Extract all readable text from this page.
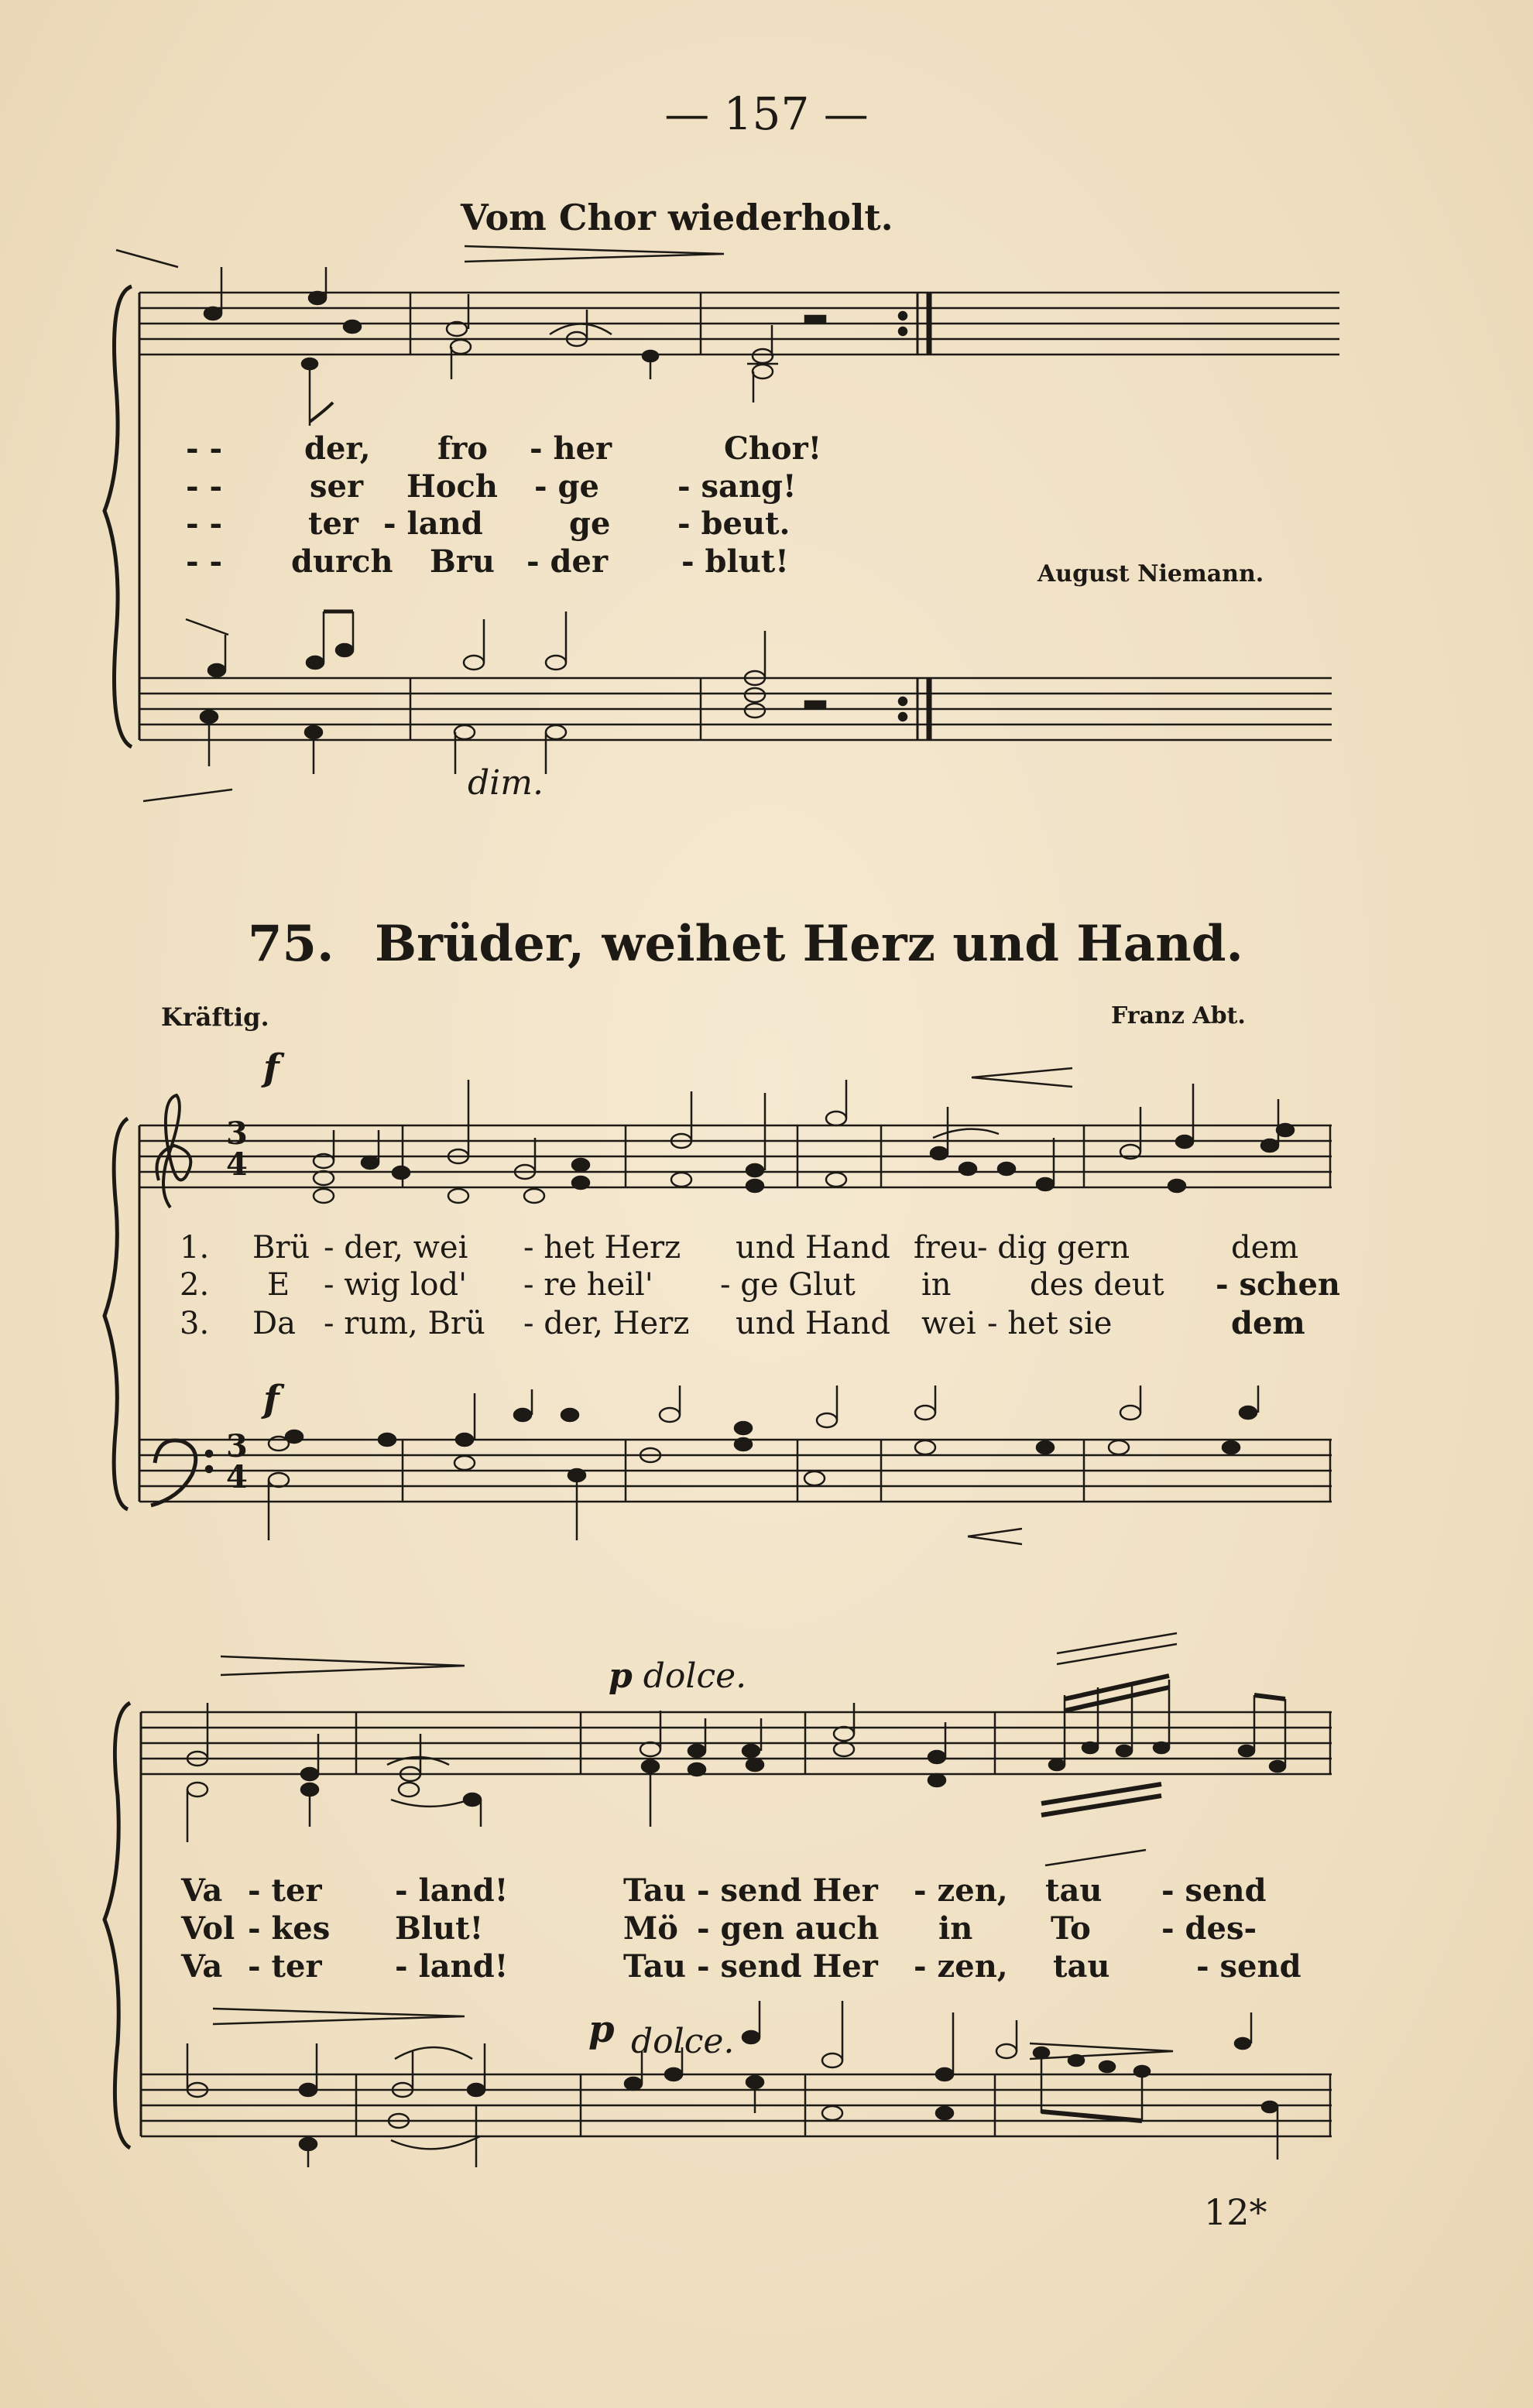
— 157 —
Vom Chor wiederholt.
- -	der, fro - her	Chor!
- -	ser Hoch - ge	- sang!
- -	ter - land	ge - beut.
- - durch Bru - der - blut!	August Niemann.
dim.
75. Brüder, weihet Herz und Hand.
Kräftig.	Franz Abt.
f
f
1. Brü - der, wei - het Herz und Hand freu
- dig gern	dem
2. E - wig lod' - re heil' - ge Glut in	des deut - schen
3. Da - rum, Brü - der, Herz und Hand wei - het sie	dem
p dolce.
p dolce.
Va - ter - land!	Tau - send Her - zen, tau - send
Vol - kes Blut!	Mö - gen auch in	To - des-
Va - ter - land!	Tau - send Her - zen, tau	- send
12*
3
4
3
4
